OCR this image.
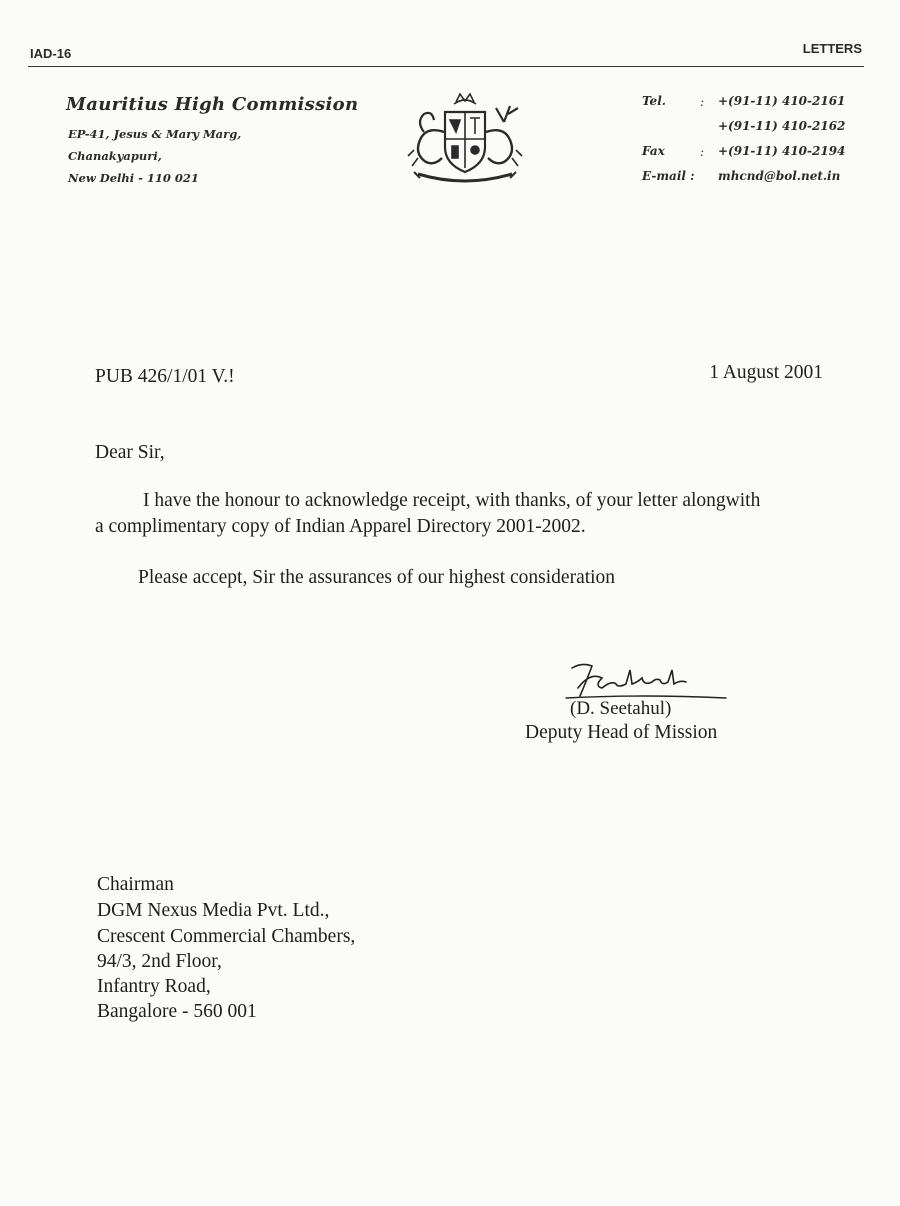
IAD-16	LETTERS
Mauritius High Commission
EP-41, Jesus & Mary Marg,
Chanakyapuri,
New Delhi - 110 021
Tel.	: +(91-11) 410-2161
+(91-11) 410-2162
Fax	: +(91-11) 410-2194
E-mail : mhcnd@bol.net.in
PUB 426/1/01 V.!	1 August 2001
Dear Sir,
I have the honour to acknowledge receipt, with thanks, of your letter alongwith
a complimentary copy of Indian Apparel Directory 2001-2002.
Please accept, Sir the assurances of our highest consideration
(D. Seetahul)
Deputy Head of Mission
Chairman
DGM Nexus Media Pvt. Ltd.,
Crescent Commercial Chambers,
94/3, 2nd Floor,
Infantry Road,
Bangalore - 560 001
